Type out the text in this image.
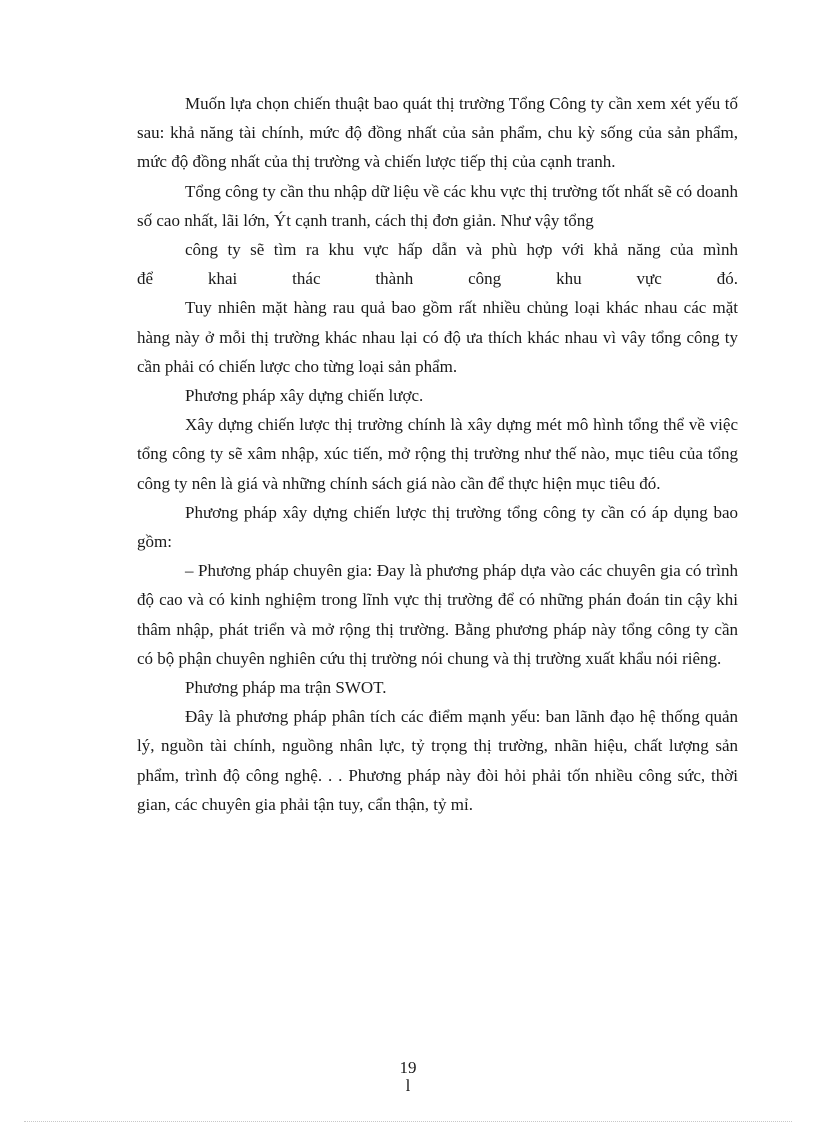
Muốn lựa chọn chiến thuật bao quát thị trường Tổng Công ty cần xem xét yếu tố sau: khả năng tài chính, mức độ đồng nhất của sản phẩm, chu kỳ sống của sản phẩm, mức độ đồng nhất của thị trường và chiến lược tiếp thị của cạnh tranh.

Tổng công ty cần thu nhập dữ liệu về các khu vực thị trường tốt nhất sẽ có doanh số cao nhất, lãi lớn, Ýt cạnh tranh, cách thị đơn giản. Như vậy tổng

công ty sẽ tìm ra khu vực hấp dẫn và phù hợp với khả năng của mình

để khai thác thành công khu vực đó.

Tuy nhiên mặt hàng rau quả bao gồm rất nhiều chủng loại khác nhau các mặt hàng này ở mỗi thị trường khác nhau lại có độ ưa thích khác nhau vì vây tổng công ty cần phải có chiến lược cho từng loại sản phẩm.

Phương pháp xây dựng chiến lược.

Xây dựng chiến lược thị trường chính là xây dựng mét mô hình tổng thể về việc tổng công ty sẽ xâm nhập, xúc tiến, mở rộng thị trường như thế nào, mục tiêu của tổng công ty nên là giá và những chính sách giá nào cần để thực hiện mục tiêu đó.

Phương pháp xây dựng chiến lược thị trường tổng công ty cần có áp dụng bao gồm:

– Phương pháp chuyên gia: Đay là phương pháp dựa vào các chuyên gia có trình độ cao và có kinh nghiệm trong lĩnh vực thị trường để có những phán đoán tin cậy khi thâm nhập, phát triển và mở rộng thị trường. Bằng phương pháp này tổng công ty cần có bộ phận chuyên nghiên cứu thị trường nói chung và thị trường xuất khẩu nói riêng.

Phương pháp ma trận SWOT.

Đây là phương pháp phân tích các điểm mạnh yếu: ban lãnh đạo hệ thống quản lý, nguồn tài chính, nguồng nhân lực, tỷ trọng thị trường, nhãn hiệu, chất lượng sản phẩm, trình độ công nghệ. . . Phương pháp này đòi hỏi phải tốn nhiều công sức, thời gian, các chuyên gia phải tận tuy, cẩn thận, tỷ mỉ.

19
l
